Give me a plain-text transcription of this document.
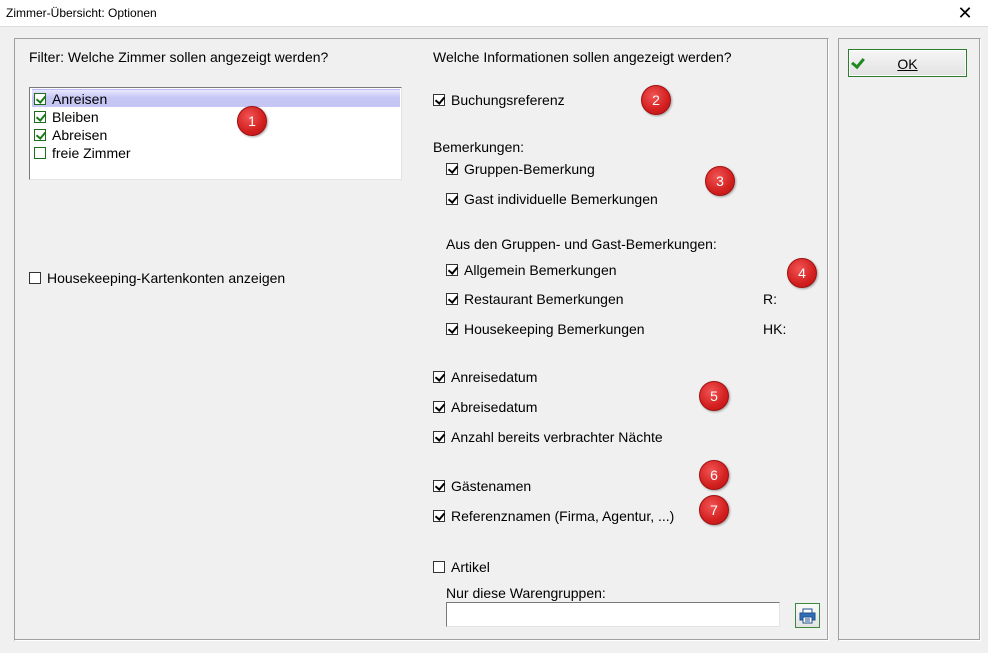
Zimmer-Übersicht: Optionen	✕
Filter: Welche Zimmer sollen angezeigt werden?
Anreisen
Bleiben
Abreisen
freie Zimmer
Housekeeping-Kartenkonten anzeigen
Welche Informationen sollen angezeigt werden?
Buchungsreferenz
Bemerkungen:
Gruppen-Bemerkung
Gast individuelle Bemerkungen
Aus den Gruppen- und Gast-Bemerkungen:
Allgemein Bemerkungen
Restaurant Bemerkungen	R:
Housekeeping Bemerkungen	HK:
Anreisedatum
Abreisedatum
Anzahl bereits verbrachter Nächte
Gästenamen
Referenznamen (Firma, Agentur, ...)
Artikel
Nur diese Warengruppen:
OK
1
2
3
4
5
6
7
